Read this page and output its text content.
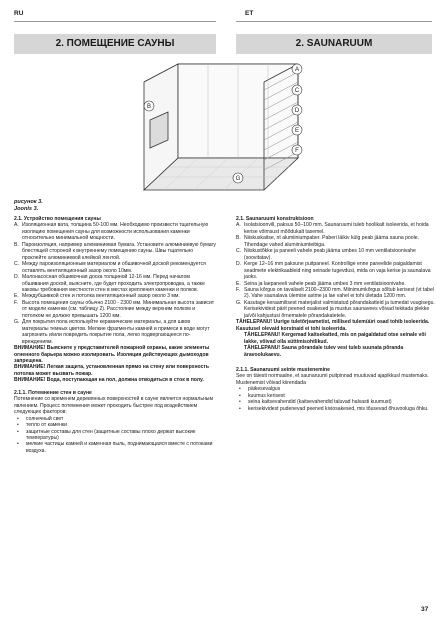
RU	ET
2. ПОМЕЩЕНИЕ САУНЫ	2. SAUNARUUM
A
B
C
D
E
F
G
рисунок 3.
Joonis 3.

2.1. Устройство помещения сауны

A. Изоляционная вата, толщина 50-100 мм. Необходимо произвести тщательную изоляцию помещения сауны для возможности использования каменки относительно минимальной мощности.
B. Пароизоляция, например алюминиевая бумага. Установите алюминиевую бумагу блестящей стороной к внутреннему помещению сауны. Швы тщательно проклейте алюминиевой клейкой лентой.
C. Между пароизоляционным материалом и обшивочной доской рекомендуется оставлять вентиляционный зазор около 10мм.
D. Малонасосная обшивочная доска толщиной 12-16 мм. Перед началом обшивания доской, выясните, где будет проходить электропроводка, а также каковы требования местности стен в местах крепления каменки и полков.
E. Междубшивкой стен и потолка вентиляционный зазор около 3 мм.
F. Высота помещения сауны обычно 2100 - 2300 мм. Минимальная высота зависит от модели каменки (см. таблицу 2). Расстояние между верхним полком и потолком не должно превышать 1200 мм.
G. Для покрытия пола используйте керамические материалы, а для швов материалы темных цветов. Мелкие фрагменты камней и примеси в воде могут загрязнить и/или повредить покрытие пола, легко подвергающееся повреждениям.

ВНИМАНИЕ! Выясните у представителей пожарной охраны, какие элементы огненного барьера можно изолировать. Изоляция действующих дымоходов запрещена.

ВНИМАНИЕ! Легкая защита, установленная прямо на стену или поверхность потолка может вызвать пожар.

ВНИМАНИЕ! Вода, поступающая на пол, должна отводиться в сток в полу.

2.1.1. Потемнение стен в сауне

Потемнение со временем деревянных поверхностей в сауне является нормальным явлением. Процесс потемнения может проходить быстрее под воздействием следующих факторов:

•	солнечный свет
•	тепло от каменки
•	защитные составы для стен (защитные составы плохо держат высокие температуры)
•	мелкие частицы камней и каменная пыль, поднимающаяся вместе с потоками воздуха.

2.1. Saunaruumi konstruktsioon

A. Isolatsioonvill, paksus 50–100 mm. Saunaruumi tuleb hoolikalt isoleerida, et hoida kerise võimsust mõõdukalt tasemel.
B. Niiskuskaitse, nt alumiiniumpaber. Paberi läikiv külg peab jääma sauna poole. Tihendage vahed alumiiniumteibiga.
C. Niiskustõkke ja paneeli vahele peab jääma umbes 10 mm ventilatsioonivahe (soovitatav).
D. Kerge 12–16 mm paksune puitpaneel. Kontrollige enne paneelide paigaldamist seadmete elektrikaableid ning seinade tugevdusi, mida on vaja kerise ja saunalava jaoks.
E. Seina ja laepaneeli vahele peab jääma umbes 3 mm ventilatsioonivahe.
F. Sauna kõrgus on tavaliselt 2100–2300 mm. Miinimumkõrgus sõltub kerisest (vt tabel 2). Vahe saunalava ülemise astme ja lae vahel ei tohi ületada 1200 mm.
G. Kasutage keraamilisest materjalist valmistatud põrandakatteid ja tumedat vuugisegu. Kerisekividest pärit peened osakesed ja mustus saunavees võivad tekitada plekke ja/või kahjustusi õrnematele põrandakatetele.

TÄHELEPANU! Uurige tuletõrjeametist, millised tulemüüri osad tohib isoleerida. Kasutusel olevaid korstnaid ei tohi isoleerida.

TÄHELEPANU! Kergemad kaitsekatted, mis on paigaldatud otse seinale või lakke, võivad olla süttimisohtlikud.

TÄHELEPANU! Sauna põrandale tulev vesi tuleb suunata põranda äravoolukaevu.

2.1.1. Saunaruumi seinte mustenemine

See on täiesti normaalne, et saunaruumi puitpinnad muutuvad ajapikkusl mustemaks. Mustenemist võivad kiirendada

•	päikesevalgus
•	kuumus kerisest
•	seina kaitsevahendid (kaitsevahendid taluvad halvasti kuumust)
•	kerisekividest pudenevad peened kiviosakesed, mis tõusevad õhuvooluga õhku.
37
